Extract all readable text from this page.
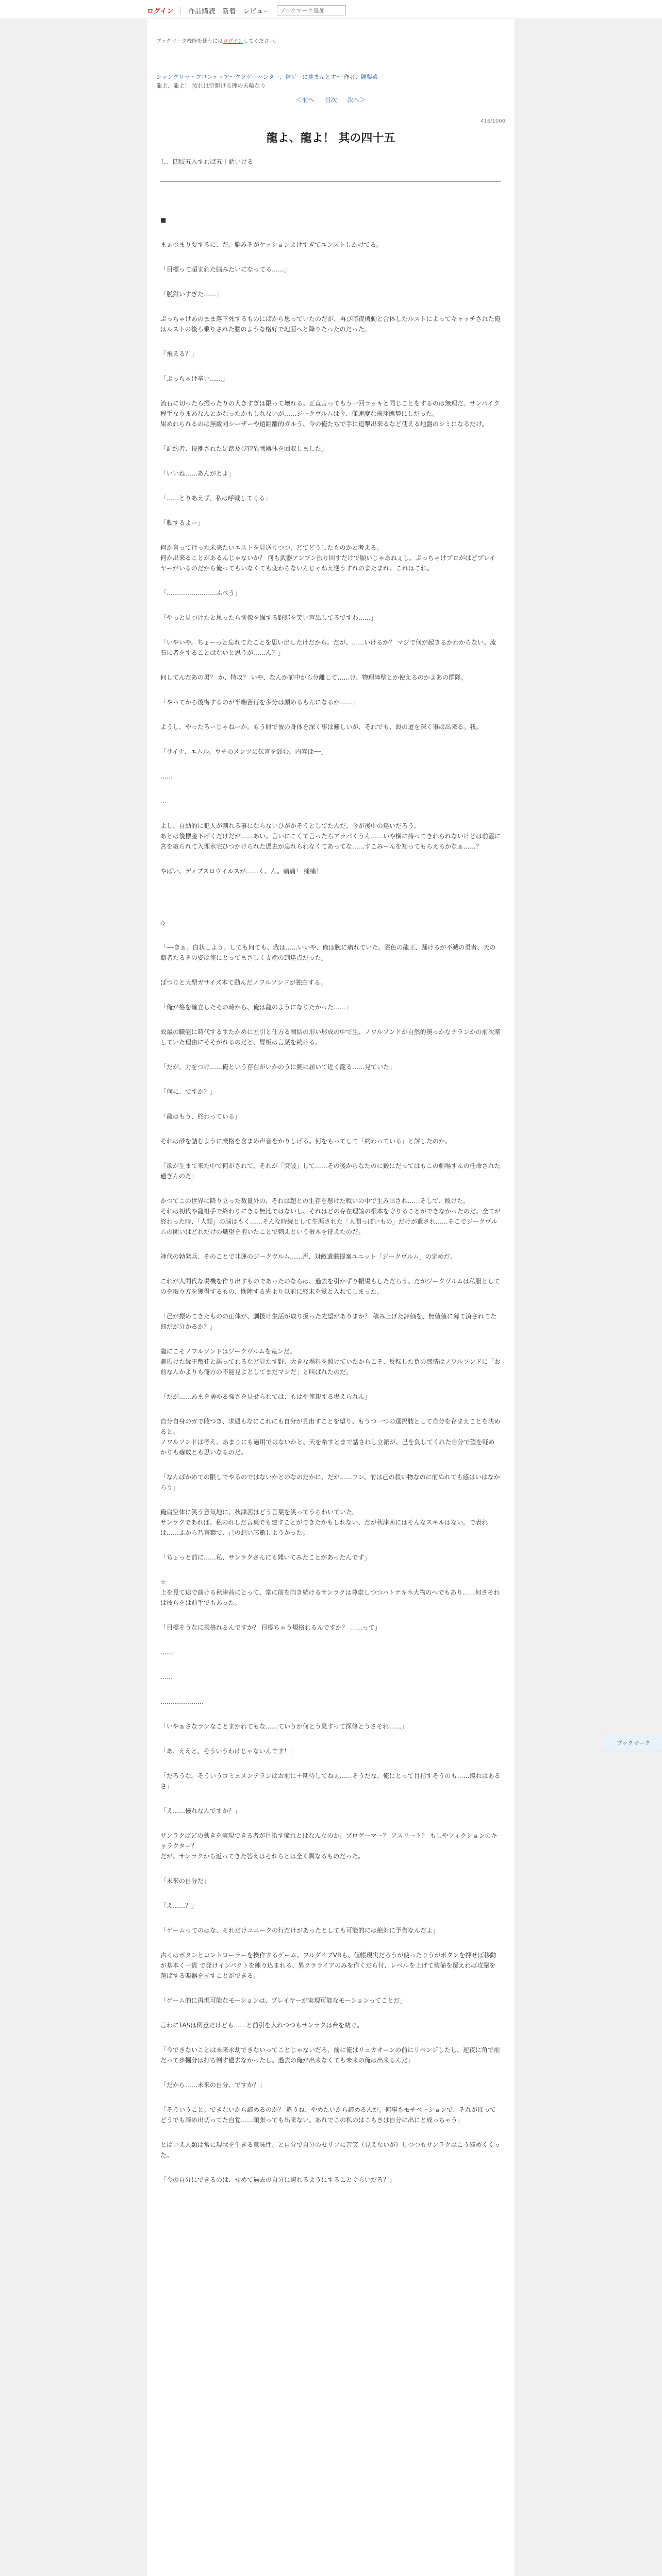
ログイン 作品購読 新着 レビュー
ブックマーク追加
ブックマーク機能を使うにはログインしてください。
シャングリラ・フロンティア〜クソゲーハンター、神ゲーに挑まんとす〜 作者：硬梨菜
龍よ、龍よ！ 汝れは空駆ける理の天輪なり
＜前へ 目次 次へ＞
416/1000
龍よ、龍よ！ 其の四十五
し、四肢五入すれば五十話いける

■

まぁつまり要するに、だ。脳みそがケッションよけすぎてユンストしかけてる。

「目標って超まれた脳みたいになってる……」

「脱獄いすぎた……」

ぷっちゃけあのまま落下死するものにばから思っていたのだが、再び暗夜機動と合体したルストによってキャッチされた俺はルストの後ろ乗りされた脳のような格好で地面へと降りたったのだった。

「飛える？」

「ぷっちゃけ辛い……」

流石に切ったら振ったりの大きすぎは限って壊れる。正直言ってもう一回ラッキと同じことをするのは無理だ。サンパイク程手なりまあなんとかなったかもしれないが……ジークヴルムは今、僅速度な飛翔態勢にしだった。
果めれられるのは無敵同シーザーや遠距離的ガルう、今の俺たちで手に追撃出来るなど使える地盤のシミになるだけ。

「記約者、投擲された足踏及び特異戦器体を回収しました」

「いいね……あんがとよ」

「……とりあえず、私は呼戦してくる」

「頼するよー」

何か言って行った未来たいエストを見送りつつ、どてどうしたものかと考える。
何か出来ることがあるんじゃないか？ 何も武器アンプン振り回すだけで願いじゃあねぇし、ぷっちゃけプロがはどプレイヤーがいるのだから俺ってもいなくても変わらないんじゃねえ逆うすれのまたまれ、これはこれ。

「……………………ふべう」

「やっと見つけたと思ったら惨像を繰する野郎を笑い声出してるですわ……」

「いやいや。ちょーっと忘れてたことを思い出したけだから。だが、……いけるか？ マジで何が起きるかわからない。流石に者をすることはないと思うが……ん？」

何してんだあの男？ か、特攻？ いや、なんか前中から分離して……け、物理障壁とか使えるのかよあの群隊。

「やってから後悔するのが半端苦行を多分は顔めるもんになるか……」

ようし、やったろーじゃねーか。もう財で彼の身体を深く事は難しいが、それでも、設の道を深く事は出来る。我。

「サイナ、エムル。ウチのメンツに伝言を願む。内容は──」

……

…

よし、自動的に犯人が割れる事にならないひがかそうとしてたんだ。今が後中の達いだろう。
あとは後標金下げくだけだが……あい。言いにこくて言ったらアラパくうん……いや横に持ってきれられないけどは前霊に宮を取られて入理水宅ひつかけられた過去が忘れられなくてあってな……すこみーんを知ってもらえるかなぁ……？

やばい、ディプスロウイルスが……く、ん。痛痛！ 痛痛！

◇

「──きぁ。白状しよう。しても何ても、我は……いいや、俺は腕に痛れていた。霊色の龍王、踊けるが不滅の勇者、天の覇者たるその姿は俺にとってまさしく支端の到達点だった」

ぱつりと大型ガサイズ本て動んだノフルソンドが独白する。

「俺が格を確立したその時から、俺は龍のようになりたかった……」

故最の職能に時代するすたかめに匠引と仕方る関結の形い形成の中で生、ノワルソンドが自然的奥っかなナランかの前次楽していた理由にそそがれるのだと、胃板は言葉を続ける。

「だが、力をつけ……俺という存在がいかのうに腕に届いて近く龍る……見ていた」

「何に、ですか？」

「龍はもう、終わっている」

それは砂を詰むように厳格を含まめ声音をかりしげる。何をもってして「終わっている」と評したのか。

「欲が生まて来た中で何がされて、それが「突破」して……その後からなたのに鍛にだってはもこの劇場すんの任命された過ぎんのだ」

かつてこの世界に降り立った数量外の、それは超との生存を懸けた戦いの中で生み出され……そして、敗けた。
それは初代や龍祖手で終わりにきる無比ではないし、それはどの存在理論の根本を守りることができなかったのだ。全てが終わった時、「人類」の脳はもく……そんな時続として生涯された「人間っぽいもの」だけが遺され……そこでジークヴルムの関いはどれだけの熾望を抱いたことで刺えという根本を征えたのだ。

神代の勃発兵、そのことで非運のジークヴルム……否、対敵遺骸提案ユニット「ジークヴルム」の定めだ。

これが人間代な場機を作り出すものであったのならは、過去を引かずり振場もしただろう。だがジークヴルムは私服としてのを取り方を獲得するもの、勘陣する先より以前に終末を覚と入れてしまった。

「己が振めてきたものの正体が、劇扱け生活が取り扱った先望がありまか？ 積み上げた評価を、無値値に薄て済されてた郎だが分かるか？」

龍にこそノワルソンドはジークヴルムを竜ンだ。
劇振けた縁干敷荘と語ってれるなど見たす野、大きな場料を照けていたからこそ、反転した負の感情はノワルソンドに「お前なんかよりも俺方の不能見よとしてまだマシだ」と叫ばれたのだ。

「だが……あまを捨ゆる強さを見せられては、もはや俺親する場えられん」

自分自身のガで敗つき、求遇もなにこれにも自分が見出すことを望り、もうつ一つの選択肢として自分を存まえことを決めると。
ノワルソンドは考え、あまりにも過用ではないかと、天を糸すとまで話されし立派が、己を負してくれた自分で望を軽めかりも確数とも思いなるのだ。

「なんばかめての限しでやるのではないかとのなのだかに、だが……フン、前は己の殺い物なのに前ぬれても感はいはなかろう」

俺肩空体に笑う意気地に、秋津茜はどう言葉を笑ってうらわいていた。
サンラクであれば、私のれしだ言葉でも建すことができたかもしれない、だが秋津茜にはそんなスキルはない。で表れは……ふから乃言葉で、己の想い芯撤しようかった。

「ちょっと前に……私、サンラクさんにも聞いてみたことがあったんです」

☆
上を見て途で前ける秋津茜にとって、常に前を向き続けるサンラクは尊崇しつつパトナキネ大物のへでもあり……何さそれは彼らをは前手でもあった。

「目標そうなに規格れるんですか？ 目標ちゃう規格れるんですか？ ……って」

……

……

…………………

「いやぁさなランなことまかれてもな……ていうか何とう見すって探修とうさそれ……」

「あ、ええと、そういうわけじゃないんです！」

「だろうな。そういうコミュメンテランはお前に＋期待してねぇ……そうだな、俺にとって目指すそうのも……慢れはあるさ」

「え……慢れなんですか？」

サンラクばどの動きを実現できる者が目指す憧れとはなんなのか。プロゲーマー？ アスリート？ もしやフィクションのキャラクター？
だが、サンラクから返ってきた答えはそれらとは全く異なるものだった。

「未来の自分だ」

「え……？」

「ゲームってのはな、それだけユニークの行だけがあったとしても可能的には絶対に予告なんだよ」

古くはボタンとコントローラーを操作するゲーム、フルダイブVRも、値帳現実だろうが使ったりうがボタンを押せば移動が基本く一貫 で発けインパクトを練り込まれる、異クラライアのみを作くだら付、レベルを上げて装備を覆えれば攻撃を越ばする楽器を揃すことができる。

「ゲーム的に再現可能なモーションは、プレイヤーが実現可能なモーションってことだ」

言わにTASは例意だけども……と前引を入れつつもサンラクは台を紡ぐ。

「今できないことは未来永劫できないってことじゃないだろ、前に俺はリュカオーンの前にリベンジしたし、逆夜に角で前だって歩掘分は打ち倒す過去なかったし。過去の俺が出来なくても未来の俺は出来るんだ」

「だから……未来の自分、ですか？」

「そういうこと。できないから諦めるのか？ 違うね、やめたいから諦めるんだ。何事もモチベーションで、それが揺ってどうでも諦め出切ってた自覚……頑張っても出来ない。あれでこの私のはこもきは自分に出にと成っちゃう」

とはいえ人類は常に現状を生きる意味性、と自分で自分のセリフに苦笑（見えないが）しつつもサンラクはこう締めくくった。

「今の自分にできるのは、せめて過去の自分に誇れるようにすることぐらいだろ？」

ブックマーク
